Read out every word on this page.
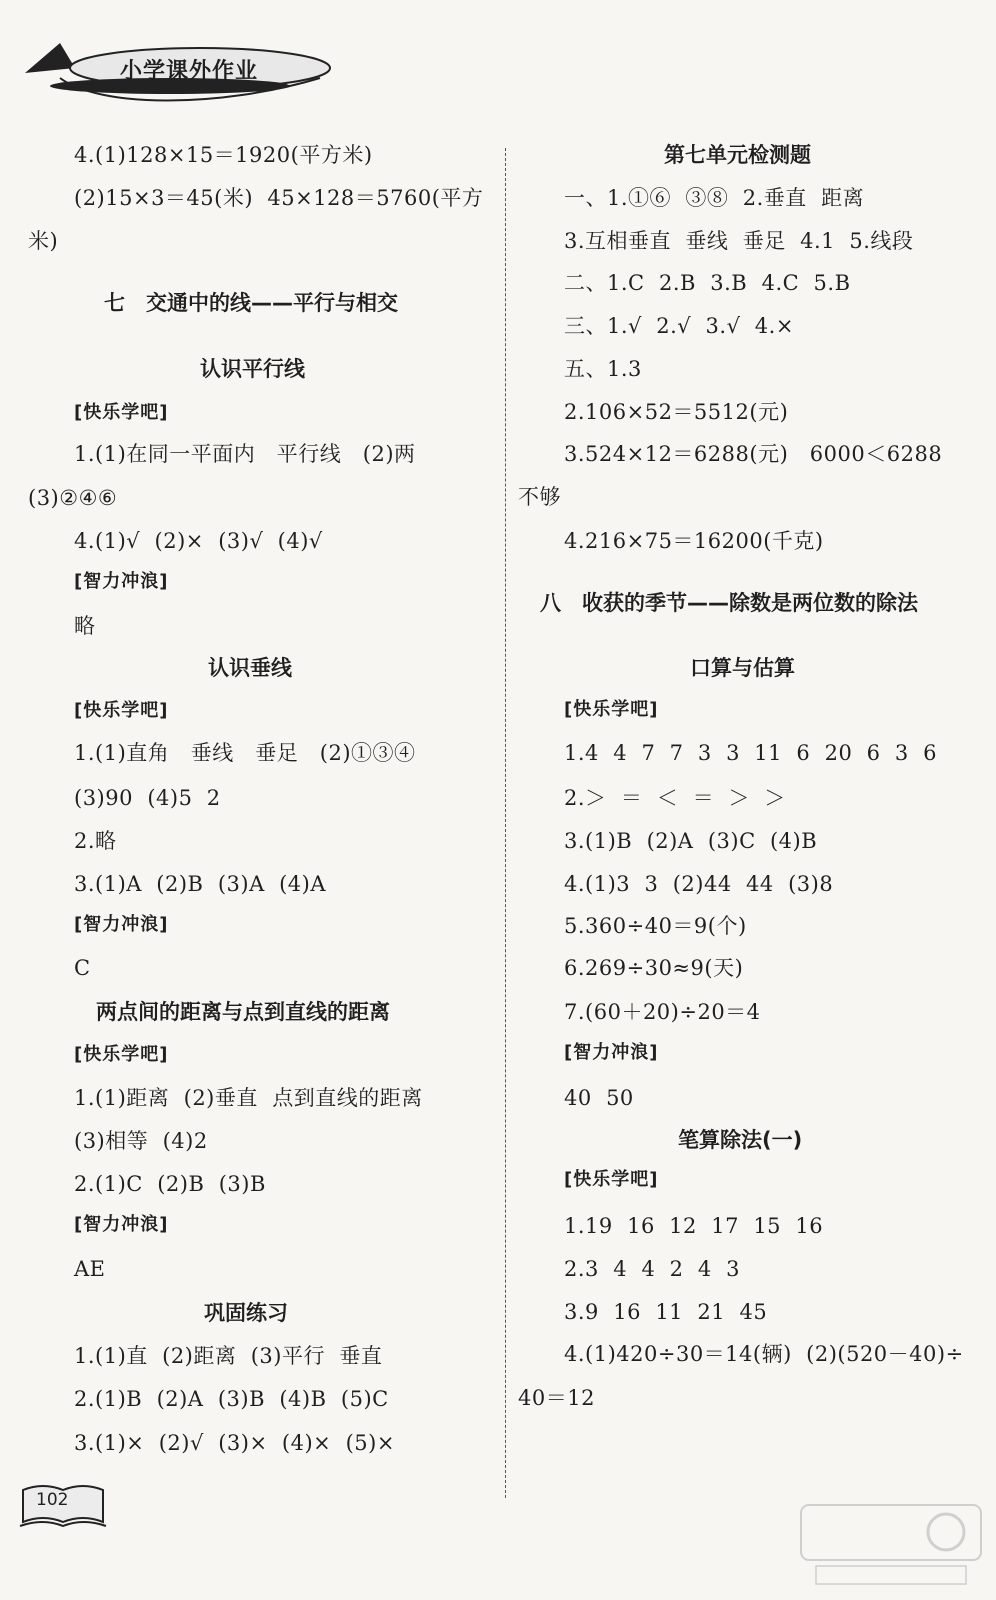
小学课外作业
4.(1)128×15＝1920(平方米)
(2)15×3＝45(米)  45×128＝5760(平方
米)
七　交通中的线——平行与相交
认识平行线
[快乐学吧]
1.(1)在同一平面内　平行线　(2)两
(3)②④⑥
4.(1)√  (2)×  (3)√  (4)√
[智力冲浪]
略
认识垂线
[快乐学吧]
1.(1)直角　垂线　垂足　(2)①③④
(3)90  (4)5  2
2.略
3.(1)A  (2)B  (3)A  (4)A
[智力冲浪]
C
两点间的距离与点到直线的距离
[快乐学吧]
1.(1)距离  (2)垂直  点到直线的距离
(3)相等  (4)2
2.(1)C  (2)B  (3)B
[智力冲浪]
AE
巩固练习
1.(1)直  (2)距离  (3)平行  垂直
2.(1)B  (2)A  (3)B  (4)B  (5)C
3.(1)×  (2)√  (3)×  (4)×  (5)×
第七单元检测题
一、1.①⑥  ③⑧  2.垂直  距离
3.互相垂直  垂线  垂足  4.1  5.线段
二、1.C  2.B  3.B  4.C  5.B
三、1.√  2.√  3.√  4.×
五、1.3
2.106×52＝5512(元)
3.524×12＝6288(元)   6000＜6288
不够
4.216×75＝16200(千克)
八　收获的季节——除数是两位数的除法
口算与估算
[快乐学吧]
1.4  4  7  7  3  3  11  6  20  6  3  6
2.＞  ＝  ＜  ＝  ＞  ＞
3.(1)B  (2)A  (3)C  (4)B
4.(1)3  3  (2)44  44  (3)8
5.360÷40＝9(个)
6.269÷30≈9(天)
7.(60＋20)÷20＝4
[智力冲浪]
40  50
笔算除法(一)
[快乐学吧]
1.19  16  12  17  15  16
2.3  4  4  2  4  3
3.9  16  11  21  45
4.(1)420÷30＝14(辆)  (2)(520－40)÷
40＝12
102
